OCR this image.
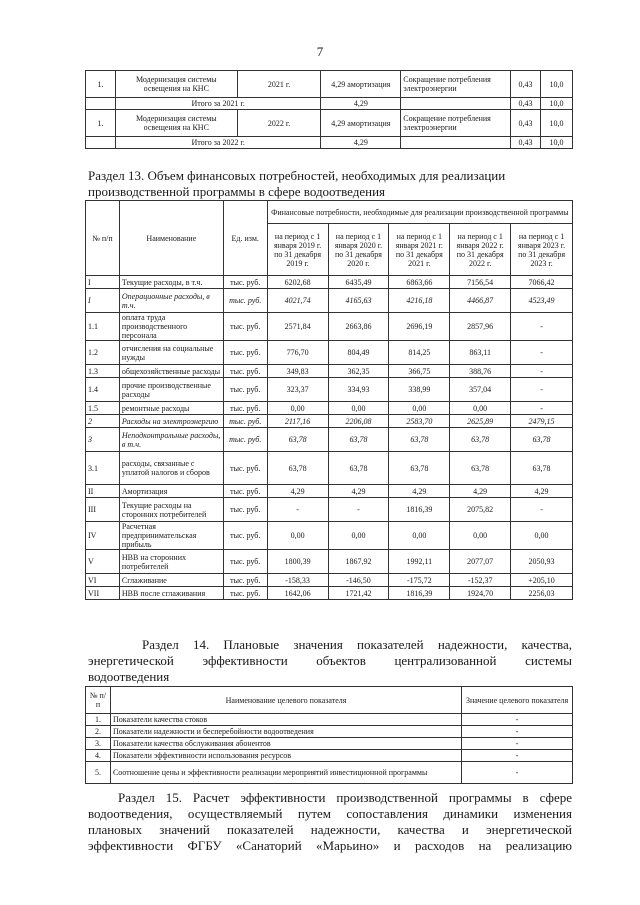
7
1.	Модернизация системы освещения на КНС	2021 г.	4,29 амортизация	Сокращение потребления электроэнергии	0,43	10,0
	Итого за 2021 г.		4,29		0,43	10,0
1.	Модернизация системы освещения на КНС	2022 г.	4,29 амортизация	Сокращение потребления электроэнергии	0,43	10,0
	Итого за 2022 г.		4,29		0,43	10,0
Раздел 13. Объем финансовых потребностей, необходимых для реализации производственной программы в сфере водоотведения
№ п/п	Наименование	Ед. изм.	Финансовые потребности, необходимые для реализации производственной программы				
			на период с 1 января 2019 г. по 31 декабря 2019 г.	на период с 1 января 2020 г. по 31 декабря 2020 г.	на период с 1 января 2021 г. по 31 декабря 2021 г.	на период с 1 января 2022 г. по 31 декабря 2022 г.	на период с 1 января 2023 г. по 31 декабря 2023 г.
I	Текущие расходы, в т.ч.	тыс. руб.	6202,68	6435,49	6863,66	7156,54	7066,42
I	Операционные расходы, в т.ч.	тыс. руб.	4021,74	4165,63	4216,18	4466,87	4523,49
1.1	оплата труда производственного персонала	тыс. руб.	2571,84	2663,86	2696,19	2857,96	-
1.2	отчисления на социальные нужды	тыс. руб.	776,70	804,49	814,25	863,11	-
1.3	общехозяйственные расходы	тыс. руб.	349,83	362,35	366,75	388,76	-
1.4	прочие производственные расходы	тыс. руб.	323,37	334,93	338,99	357,04	-
1.5	ремонтные расходы	тыс. руб.	0,00	0,00	0,00	0,00	-
2	Расходы на электроэнергию	тыс. руб.	2117,16	2206,08	2583,70	2625,89	2479,15
3	Неподконтрольные расходы, в т.ч.	тыс. руб.	63,78	63,78	63,78	63,78	63,78
3.1	расходы, связанные с уплатой налогов и сборов	тыс. руб.	63,78	63,78	63,78	63,78	63,78
II	Амортизация	тыс. руб.	4,29	4,29	4,29	4,29	4,29
III	Текущие расходы на сторонних потребителей	тыс. руб.	-	-	1816,39	2075,82	-
IV	Расчетная предпринимательская прибыль	тыс. руб.	0,00	0,00	0,00	0,00	0,00
V	НВВ на сторонних потребителей	тыс. руб.	1800,39	1867,92	1992,11	2077,07	2050,93
VI	Сглаживание	тыс. руб.	-158,33	-146,50	-175,72	-152,37	+205,10
VII	НВВ после сглаживания	тыс. руб.	1642,06	1721,42	1816,39	1924,70	2256,03
Раздел 14. Плановые значения показателей надежности, качества,
энергетической эффективности объектов централизованной системы
водоотведения
№ п/п	Наименование целевого показателя	Значение целевого показателя
1.	Показатели качества стоков	-
2.	Показатели надежности и бесперебойности водоотведения	-
3.	Показатели качества обслуживания абонентов	-
4.	Показатели эффективности использования ресурсов	-
5.	Соотношение цены и эффективности реализации мероприятий инвестиционной программы	-
Раздел 15. Расчет эффективности производственной программы в сфере
водоотведения, осуществляемый путем сопоставления динамики изменения
плановых значений показателей надежности, качества и энергетической
эффективности ФГБУ «Санаторий «Марьино» и расходов на реализацию
